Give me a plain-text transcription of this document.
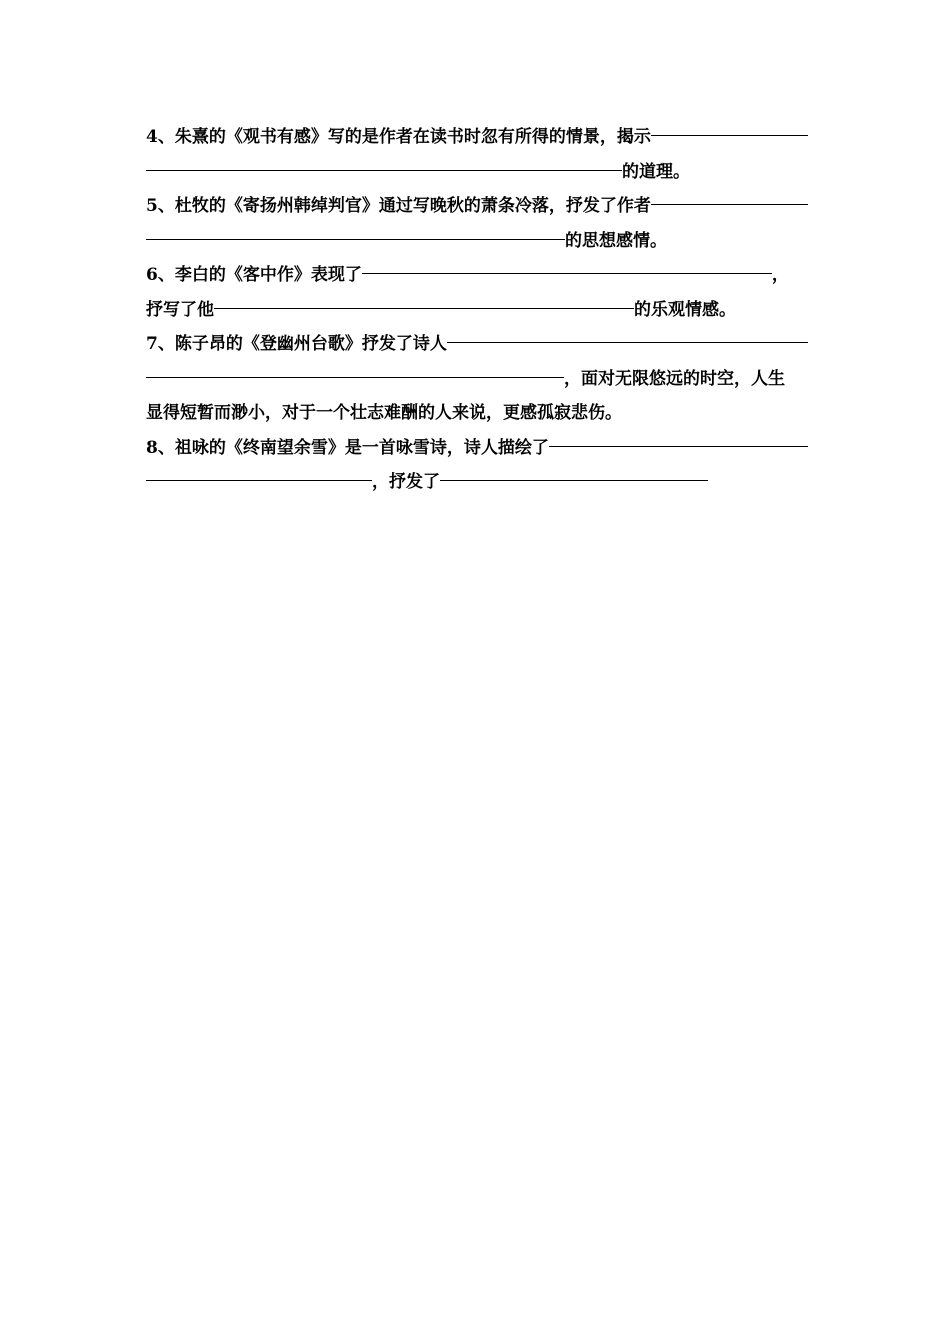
4、朱熹的《观书有感》写的是作者在读书时忽有所得的情景，揭示
的道理。
5、杜牧的《寄扬州韩绰判官》通过写晚秋的萧条冷落，抒发了作者
的思想感情。
6、李白的《客中作》表现了	，
抒写了他	的乐观情感。
7、陈子昂的《登幽州台歌》抒发了诗人
，面对无限悠远的时空，人生
显得短暂而渺小，对于一个壮志难酬的人来说，更感孤寂悲伤。
8、祖咏的《终南望余雪》是一首咏雪诗，诗人描绘了
，抒发了
